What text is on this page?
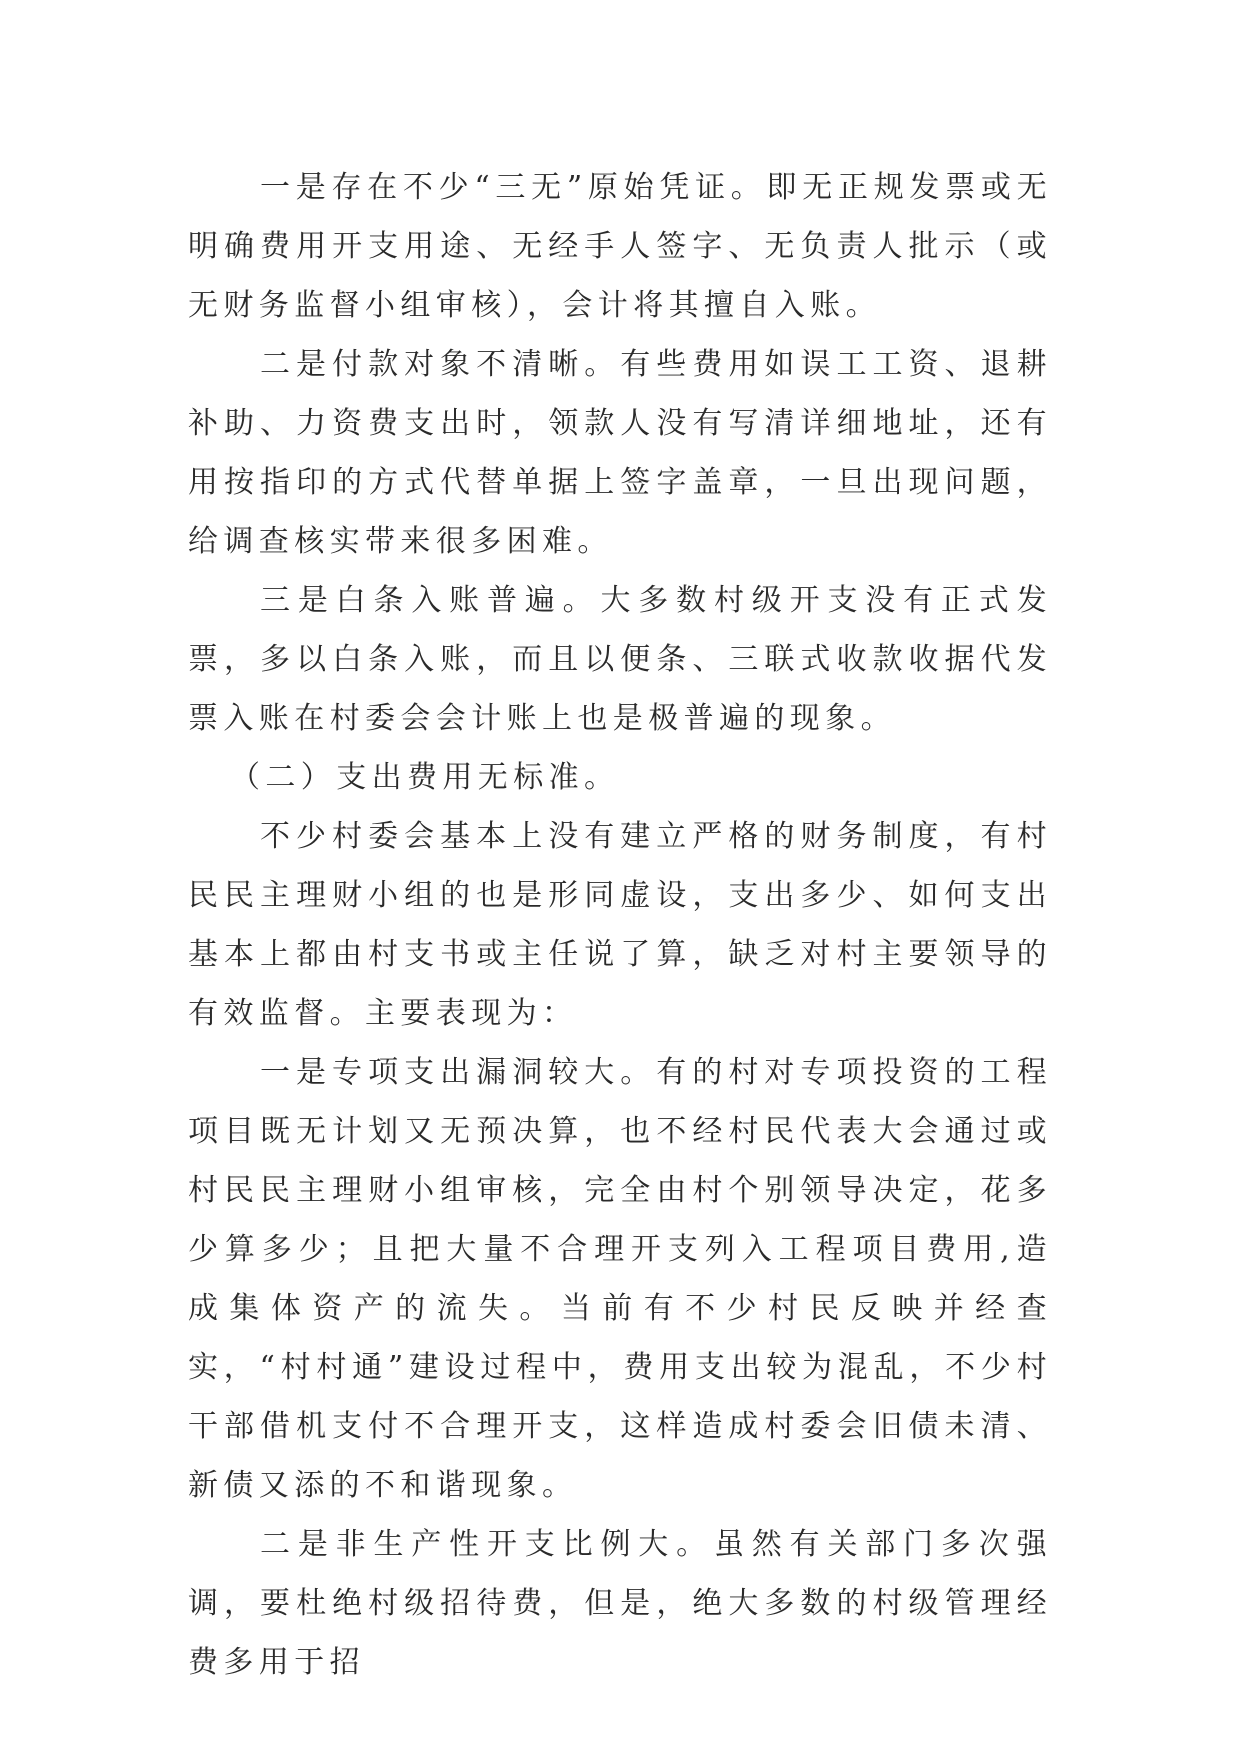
一是存在不少“三无”原始凭证。即无正规发票或无明确费用开支用途、无经手人签字、无负责人批示（或无财务监督小组审核），会计将其擅自入账。

二是付款对象不清晰。有些费用如误工工资、退耕补助、力资费支出时，领款人没有写清详细地址，还有用按指印的方式代替单据上签字盖章，一旦出现问题，给调查核实带来很多困难。

三是白条入账普遍。大多数村级开支没有正式发票，多以白条入账，而且以便条、三联式收款收据代发票入账在村委会会计账上也是极普遍的现象。

（二）支出费用无标准。

不少村委会基本上没有建立严格的财务制度，有村民民主理财小组的也是形同虚设，支出多少、如何支出基本上都由村支书或主任说了算，缺乏对村主要领导的有效监督。主要表现为：

一是专项支出漏洞较大。有的村对专项投资的工程项目既无计划又无预决算，也不经村民代表大会通过或村民民主理财小组审核，完全由村个别领导决定，花多少算多少；且把大量不合理开支列入工程项目费用,造成集体资产的流失。当前有不少村民反映并经查实，“村村通”建设过程中，费用支出较为混乱，不少村干部借机支付不合理开支，这样造成村委会旧债未清、新债又添的不和谐现象。

二是非生产性开支比例大。虽然有关部门多次强调，要杜绝村级招待费，但是，绝大多数的村级管理经费多用于招
